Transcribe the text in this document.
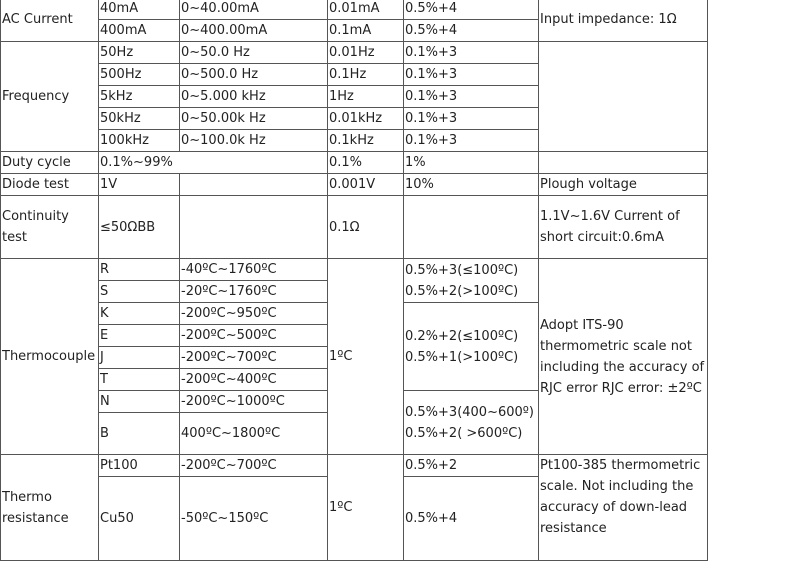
AC Current	40mA	0~40.00mA	0.01mA	0.5%+4	Input impedance: 1Ω
	400mA	0~400.00mA	0.1mA	0.5%+4	
Frequency	50Hz	0~50.0 Hz	0.01Hz	0.1%+3	
	500Hz	0~500.0 Hz	0.1Hz	0.1%+3	
	5kHz	0~5.000 kHz	1Hz	0.1%+3	
	50kHz	0~50.00k Hz	0.01kHz	0.1%+3	
	100kHz	0~100.0k Hz	0.1kHz	0.1%+3	
Duty cycle	0.1%~99%		0.1%	1%	
Diode test	1V		0.001V	10%	Plough voltage
Continuity test	≤50ΩBB		0.1Ω		1.1V~1.6V Current of short circuit:0.6mA
Thermocouple	R	-40ºC~1760ºC	1ºC	0.5%+3(≤100ºC) 0.5%+2(>100ºC)	Adopt ITS-90 thermometric scale not including the accuracy of RJC error RJC error: ±2ºC
	S	-20ºC~1760ºC			
	K	-200ºC~950ºC		0.2%+2(≤100ºC) 0.5%+1(>100ºC)	
	E	-200ºC~500ºC			
	J	-200ºC~700ºC			
	T	-200ºC~400ºC			
	N	-200ºC~1000ºC		0.5%+3(400~600º) 0.5%+2( >600ºC)	
	B	400ºC~1800ºC			
Thermo resistance	Pt100	-200ºC~700ºC	1ºC	0.5%+2	Pt100-385 thermometric scale. Not including the accuracy of down-lead resistance
	Cu50	-50ºC~150ºC		0.5%+4	
